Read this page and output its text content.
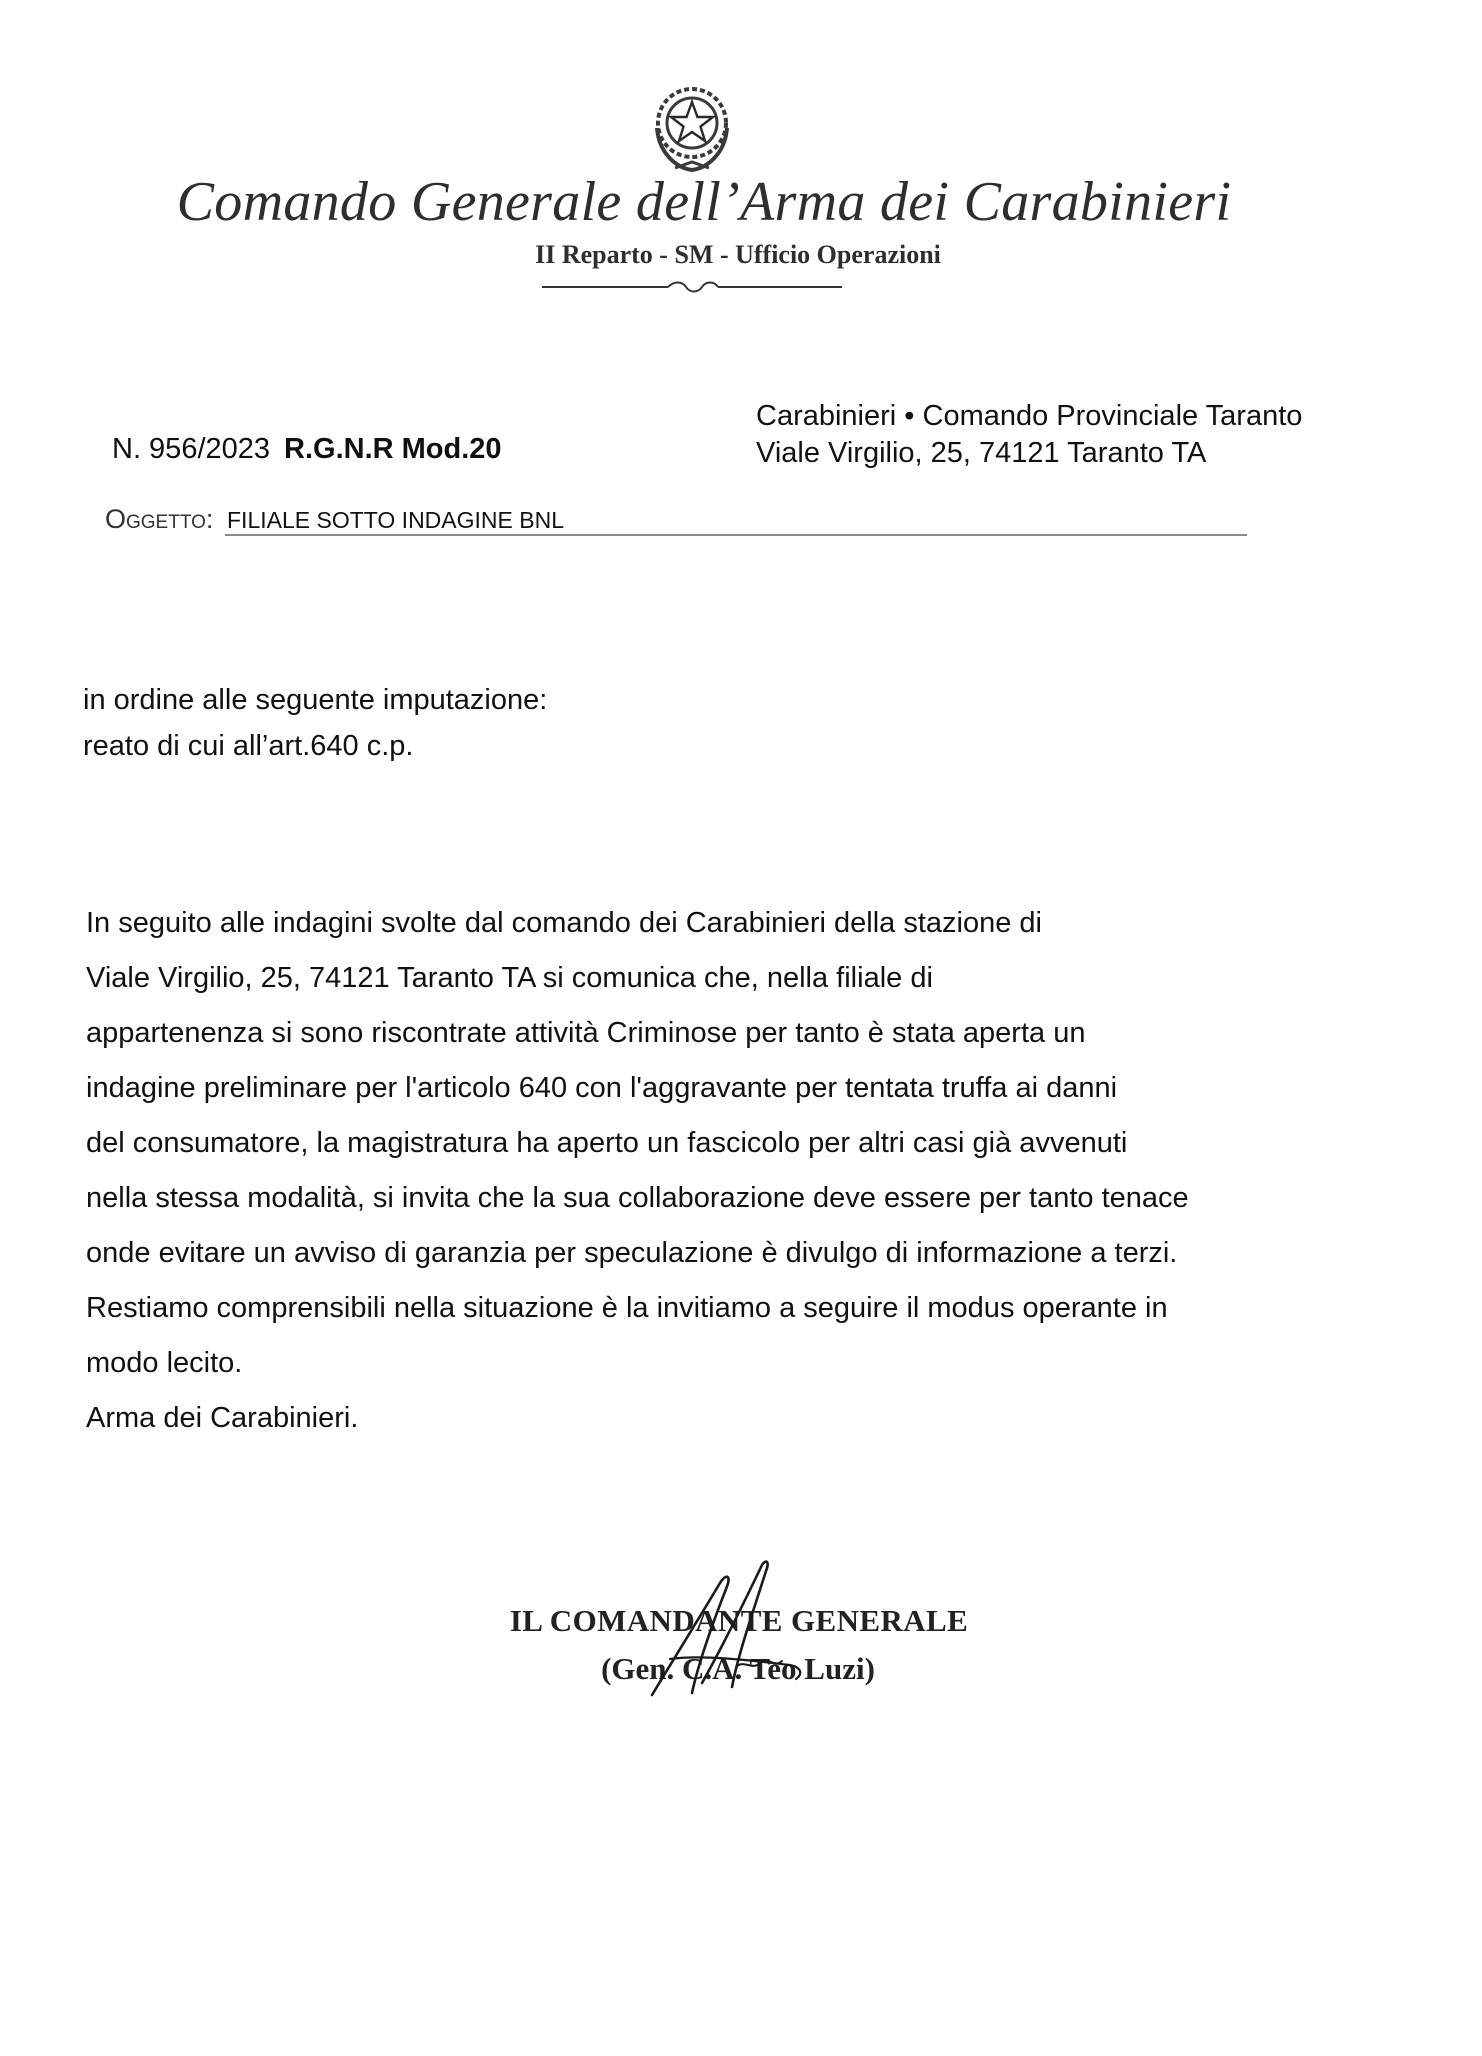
Comando Generale dell’Arma dei Carabinieri
II Reparto - SM - Ufficio Operazioni
N. 956/2023 R.G.N.R Mod.20
Carabinieri • Comando Provinciale Taranto
Viale Virgilio, 25, 74121 Taranto TA
Oggetto: FILIALE SOTTO INDAGINE BNL
in ordine alle seguente imputazione:
reato di cui all’art.640 c.p.
In seguito alle indagini svolte dal comando dei Carabinieri della stazione di
Viale Virgilio, 25, 74121 Taranto TA si comunica che, nella filiale di
appartenenza si sono riscontrate attività Criminose per tanto è stata aperta un
indagine preliminare per l'articolo 640 con l'aggravante per tentata truffa ai danni
del consumatore, la magistratura ha aperto un fascicolo per altri casi già avvenuti
nella stessa modalità, si invita che la sua collaborazione deve essere per tanto tenace
onde evitare un avviso di garanzia per speculazione è divulgo di informazione a terzi.
Restiamo comprensibili nella situazione è la invitiamo a seguire il modus operante in
modo lecito.
Arma dei Carabinieri.
IL COMANDANTE GENERALE
(Gen. C.A. Teo Luzi)
